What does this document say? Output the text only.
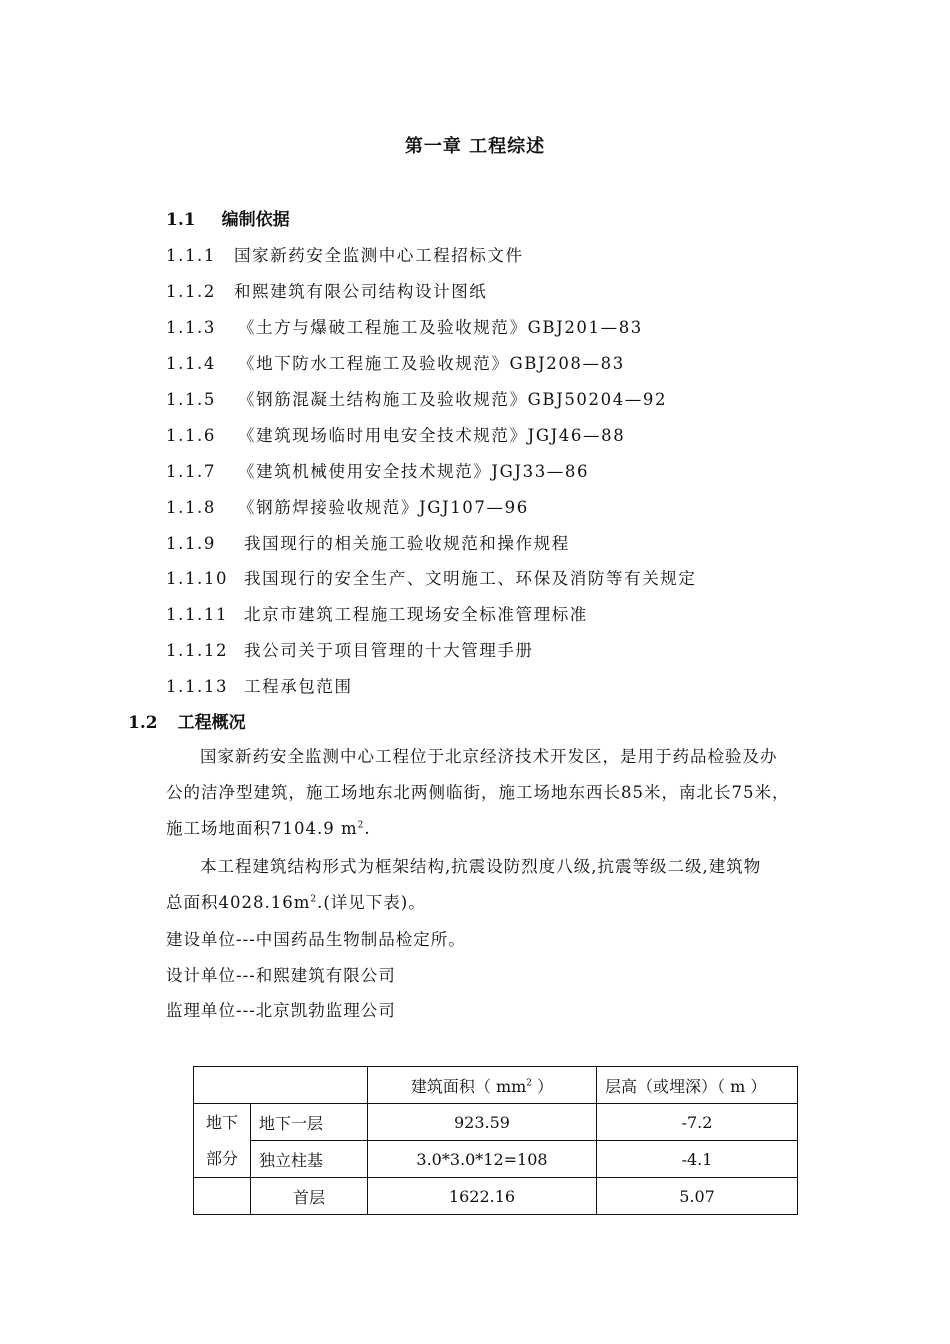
第一章 工程综述
1.1 编制依据
1.1.1 国家新药安全监测中心工程招标文件
1.1.2 和熙建筑有限公司结构设计图纸
1.1.3 《土方与爆破工程施工及验收规范》GBJ201—83
1.1.4 《地下防水工程施工及验收规范》GBJ208—83
1.1.5 《钢筋混凝土结构施工及验收规范》GBJ50204—92
1.1.6 《建筑现场临时用电安全技术规范》JGJ46—88
1.1.7 《建筑机械使用安全技术规范》JGJ33—86
1.1.8 《钢筋焊接验收规范》JGJ107—96
1.1.9 我国现行的相关施工验收规范和操作规程
1.1.10 我国现行的安全生产、文明施工、环保及消防等有关规定
1.1.11 北京市建筑工程施工现场安全标准管理标准
1.1.12 我公司关于项目管理的十大管理手册
1.1.13 工程承包范围
1.2 工程概况
国家新药安全监测中心工程位于北京经济技术开发区，是用于药品检验及办
公的洁净型建筑，施工场地东北两侧临街，施工场地东西长85米，南北长75米，
施工场地面积7104.9 $m^2$.
本工程建筑结构形式为框架结构,抗震设防烈度八级,抗震等级二级,建筑物
总面积$4028.16m^2$.(详见下表)。
建设单位---中国药品生物制品检定所。
设计单位---和熙建筑有限公司
监理单位---北京凯勃监理公司
		建筑面积（ $mm^2$ ）	层高（或埋深）（ m ）

地下
部分	地下一层	923.59	-7.2
	独立柱基	3.0*3.0*12=108	-4.1
	首层	1622.16	5.07
